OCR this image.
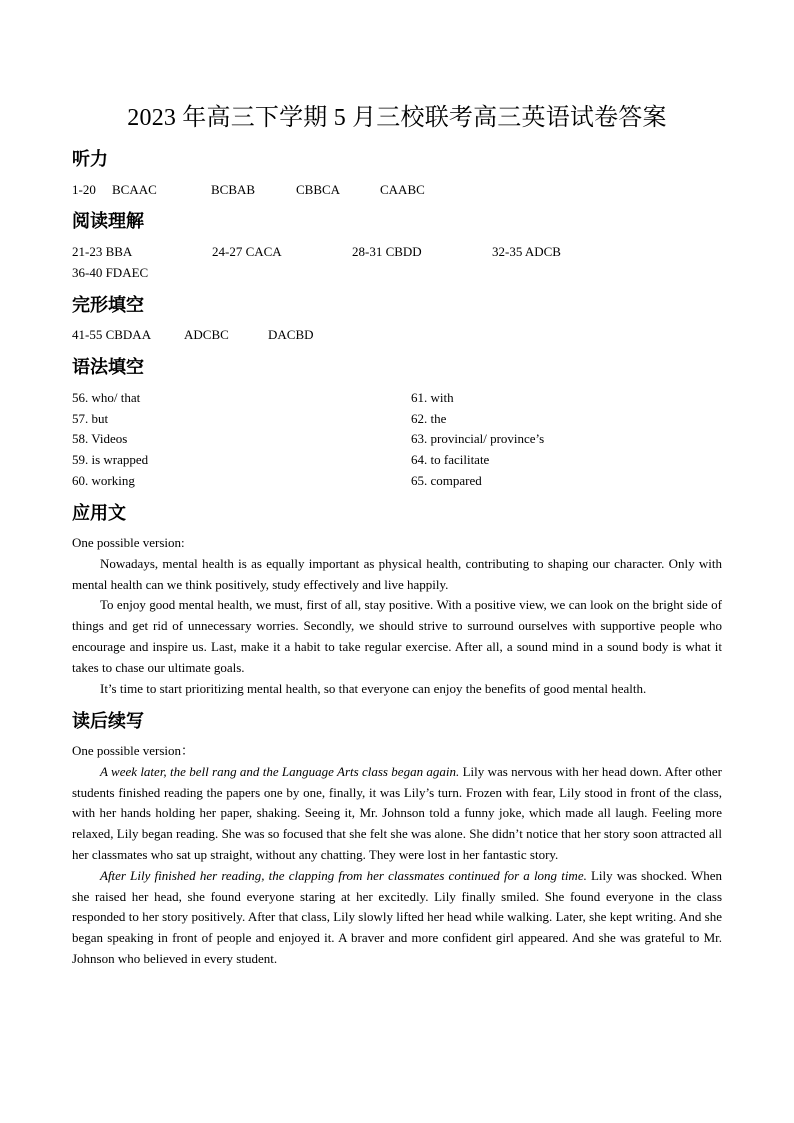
2023 年高三下学期 5 月三校联考高三英语试卷答案
听力
1-20 BCAAC	BCBAB	CBBCA	CAABC
阅读理解
21-23 BBA	24-27 CACA	28-31 CBDD	32-35 ADCB
36-40 FDAEC
完形填空
41-55 CBDAA	ADCBC	DACBD
语法填空
56. who/ that	61. with
57. but	62. the
58. Videos	63. provincial/ province’s
59. is wrapped	64. to facilitate
60. working	65. compared
应用文

One possible version:

Nowadays, mental health is as equally important as physical health, contributing to shaping our character. Only with mental health can we think positively, study effectively and live happily.

To enjoy good mental health, we must, first of all, stay positive. With a positive view, we can look on the bright side of things and get rid of unnecessary worries. Secondly, we should strive to surround ourselves with supportive people who encourage and inspire us. Last, make it a habit to take regular exercise. After all, a sound mind in a sound body is what it takes to chase our ultimate goals.

It’s time to start prioritizing mental health, so that everyone can enjoy the benefits of good mental health.

读后续写

One possible version：

A week later, the bell rang and the Language Arts class began again. Lily was nervous with her head down. After other students finished reading the papers one by one, finally, it was Lily’s turn. Frozen with fear, Lily stood in front of the class, with her hands holding her paper, shaking. Seeing it, Mr. Johnson told a funny joke, which made all laugh. Feeling more relaxed, Lily began reading. She was so focused that she felt she was alone. She didn’t notice that her story soon attracted all her classmates who sat up straight, without any chatting. They were lost in her fantastic story.

After Lily finished her reading, the clapping from her classmates continued for a long time. Lily was shocked. When she raised her head, she found everyone staring at her excitedly. Lily finally smiled. She found everyone in the class responded to her story positively. After that class, Lily slowly lifted her head while walking. Later, she kept writing. And she began speaking in front of people and enjoyed it. A braver and more confident girl appeared. And she was grateful to Mr. Johnson who believed in every student.
